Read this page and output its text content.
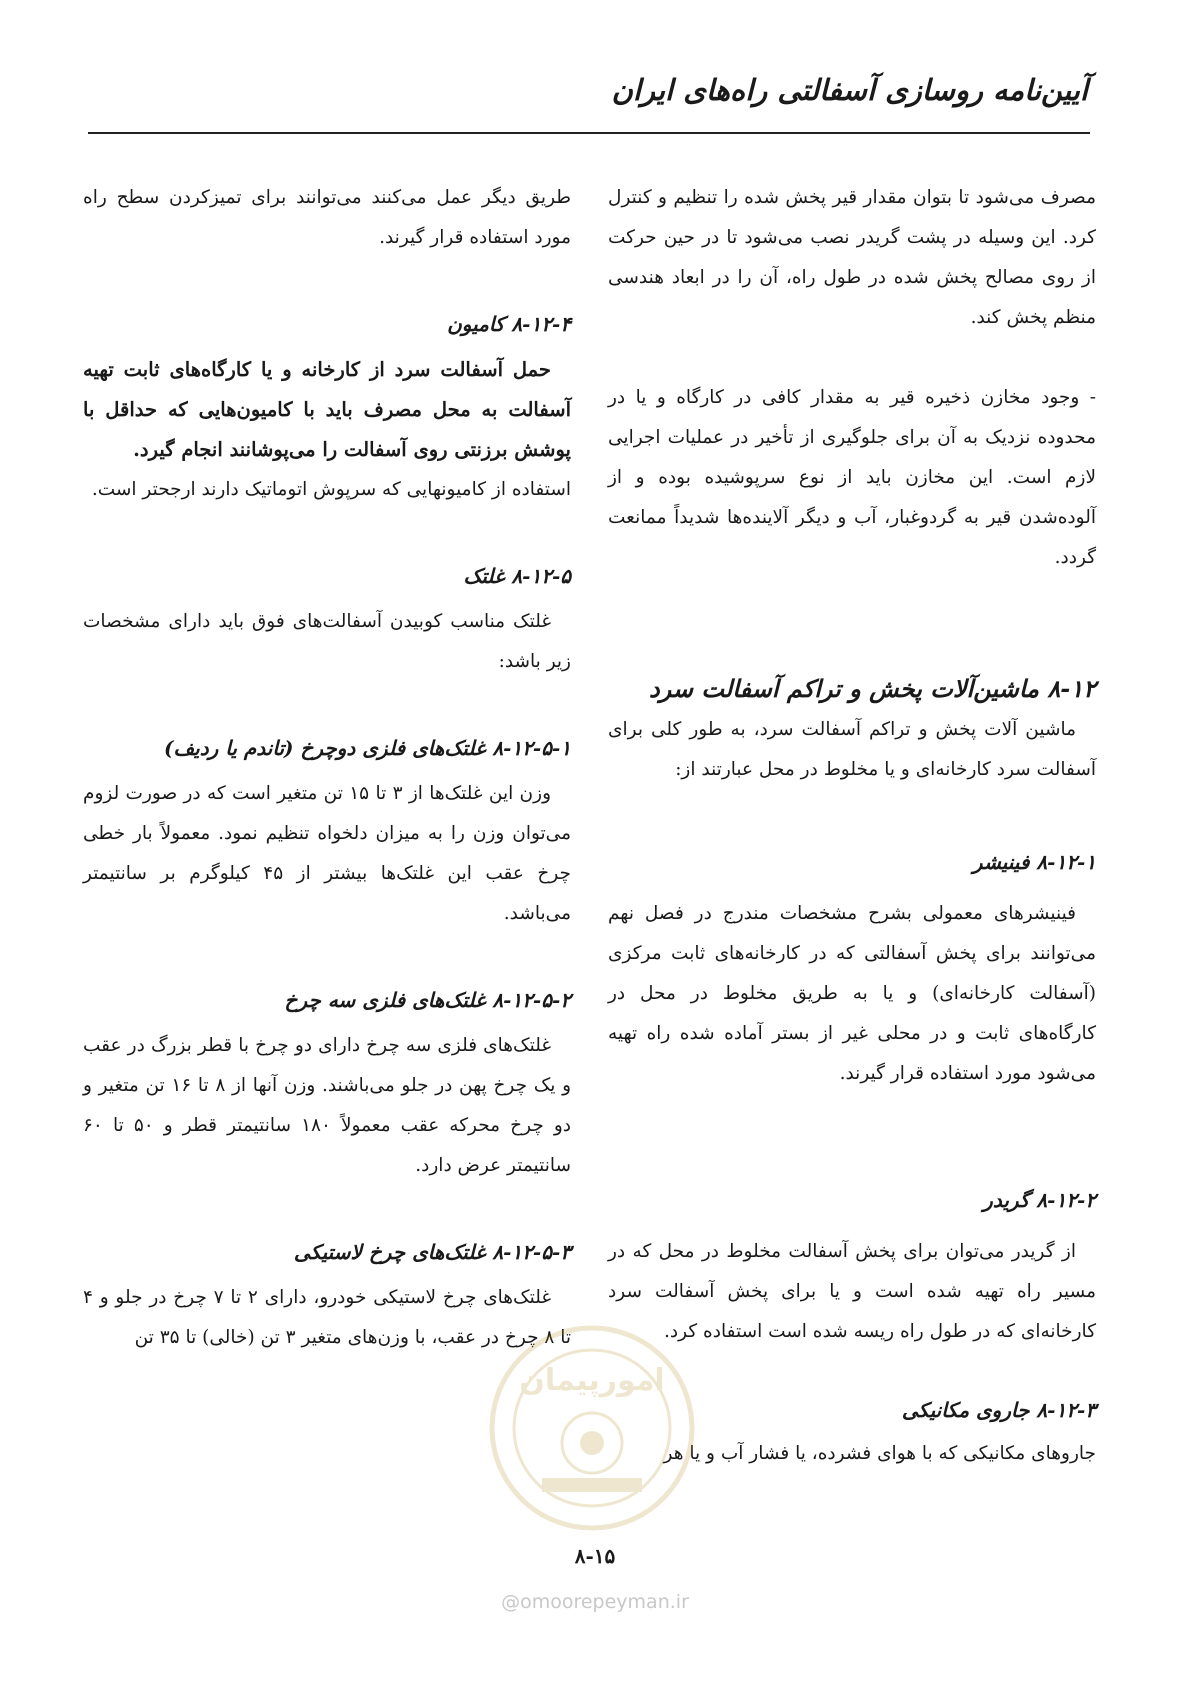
آیین‌نامه روسازی آسفالتی راه‌های ایران

مصرف می‌شود تا بتوان مقدار قیر پخش شده را تنظیم و کنترل کرد. این وسیله در پشت گریدر نصب می‌شود تا در حین حرکت از روی مصالح پخش شده در طول راه، آن را در ابعاد هندسی منظم پخش کند.

- وجود مخازن ذخیره قیر به مقدار کافی در کارگاه و یا در محدوده نزدیک به آن برای جلوگیری از تأخیر در عملیات اجرایی لازم است. این مخازن باید از نوع سرپوشیده بوده و از آلوده‌شدن قیر به گردوغبار، آب و دیگر آلاینده‌ها شدیداً ممانعت گردد.

۸-۱۲ ماشین‌آلات پخش و تراکم آسفالت سرد

ماشین آلات پخش و تراکم آسفالت سرد، به طور کلی برای آسفالت سرد کارخانه‌ای و یا مخلوط در محل عبارتند از:

۸-۱۲-۱ فینیشر

فینیشرهای معمولی بشرح مشخصات مندرج در فصل نهم می‌توانند برای پخش آسفالتی که در کارخانه‌های ثابت مرکزی (آسفالت کارخانه‌ای) و یا به طریق مخلوط در محل در کارگاه‌های ثابت و در محلی غیر از بستر آماده شده راه تهیه می‌شود مورد استفاده قرار گیرند.

۸-۱۲-۲ گریدر

از گریدر می‌توان برای پخش آسفالت مخلوط در محل که در مسیر راه تهیه شده است و یا برای پخش آسفالت سرد کارخانه‌ای که در طول راه ریسه شده است استفاده کرد.

۸-۱۲-۳ جاروی مکانیکی

جاروهای مکانیکی که با هوای فشرده، یا فشار آب و یا هر

طریق دیگر عمل می‌کنند می‌توانند برای تمیزکردن سطح راه مورد استفاده قرار گیرند.

۸-۱۲-۴ کامیون

حمل آسفالت سرد از کارخانه و یا کارگاه‌های ثابت تهیه آسفالت به محل مصرف باید با کامیون‌هایی که حداقل با پوشش برزنتی روی آسفالت را می‌پوشانند انجام گیرد.

استفاده از کامیونهایی که سرپوش اتوماتیک دارند ارجحتر است.

۸-۱۲-۵ غلتک

غلتک مناسب کوبیدن آسفالت‌های فوق باید دارای مشخصات زیر باشد:

۸-۱۲-۵-۱ غلتک‌های فلزی دوچرخ (تاندم یا ردیف)

وزن این غلتک‌ها از ۳ تا ۱۵ تن متغیر است که در صورت لزوم می‌توان وزن را به میزان دلخواه تنظیم نمود. معمولاً بار خطی چرخ عقب این غلتک‌ها بیشتر از ۴۵ کیلوگرم بر سانتیمتر می‌باشد.

۸-۱۲-۵-۲ غلتک‌های فلزی سه چرخ

غلتک‌های فلزی سه چرخ دارای دو چرخ با قطر بزرگ در عقب و یک چرخ پهن در جلو می‌باشند. وزن آنها از ۸ تا ۱۶ تن متغیر و دو چرخ محرکه عقب معمولاً ۱۸۰ سانتیمتر قطر و ۵۰ تا ۶۰ سانتیمتر عرض دارد.

۸-۱۲-۵-۳ غلتک‌های چرخ لاستیکی

غلتک‌های چرخ لاستیکی خودرو، دارای ۲ تا ۷ چرخ در جلو و ۴ تا ۸ چرخ در عقب، با وزن‌های متغیر ۳ تن (خالی) تا ۳۵ تن

امورپیمان
۸-۱۵
@omoorepeyman.ir
